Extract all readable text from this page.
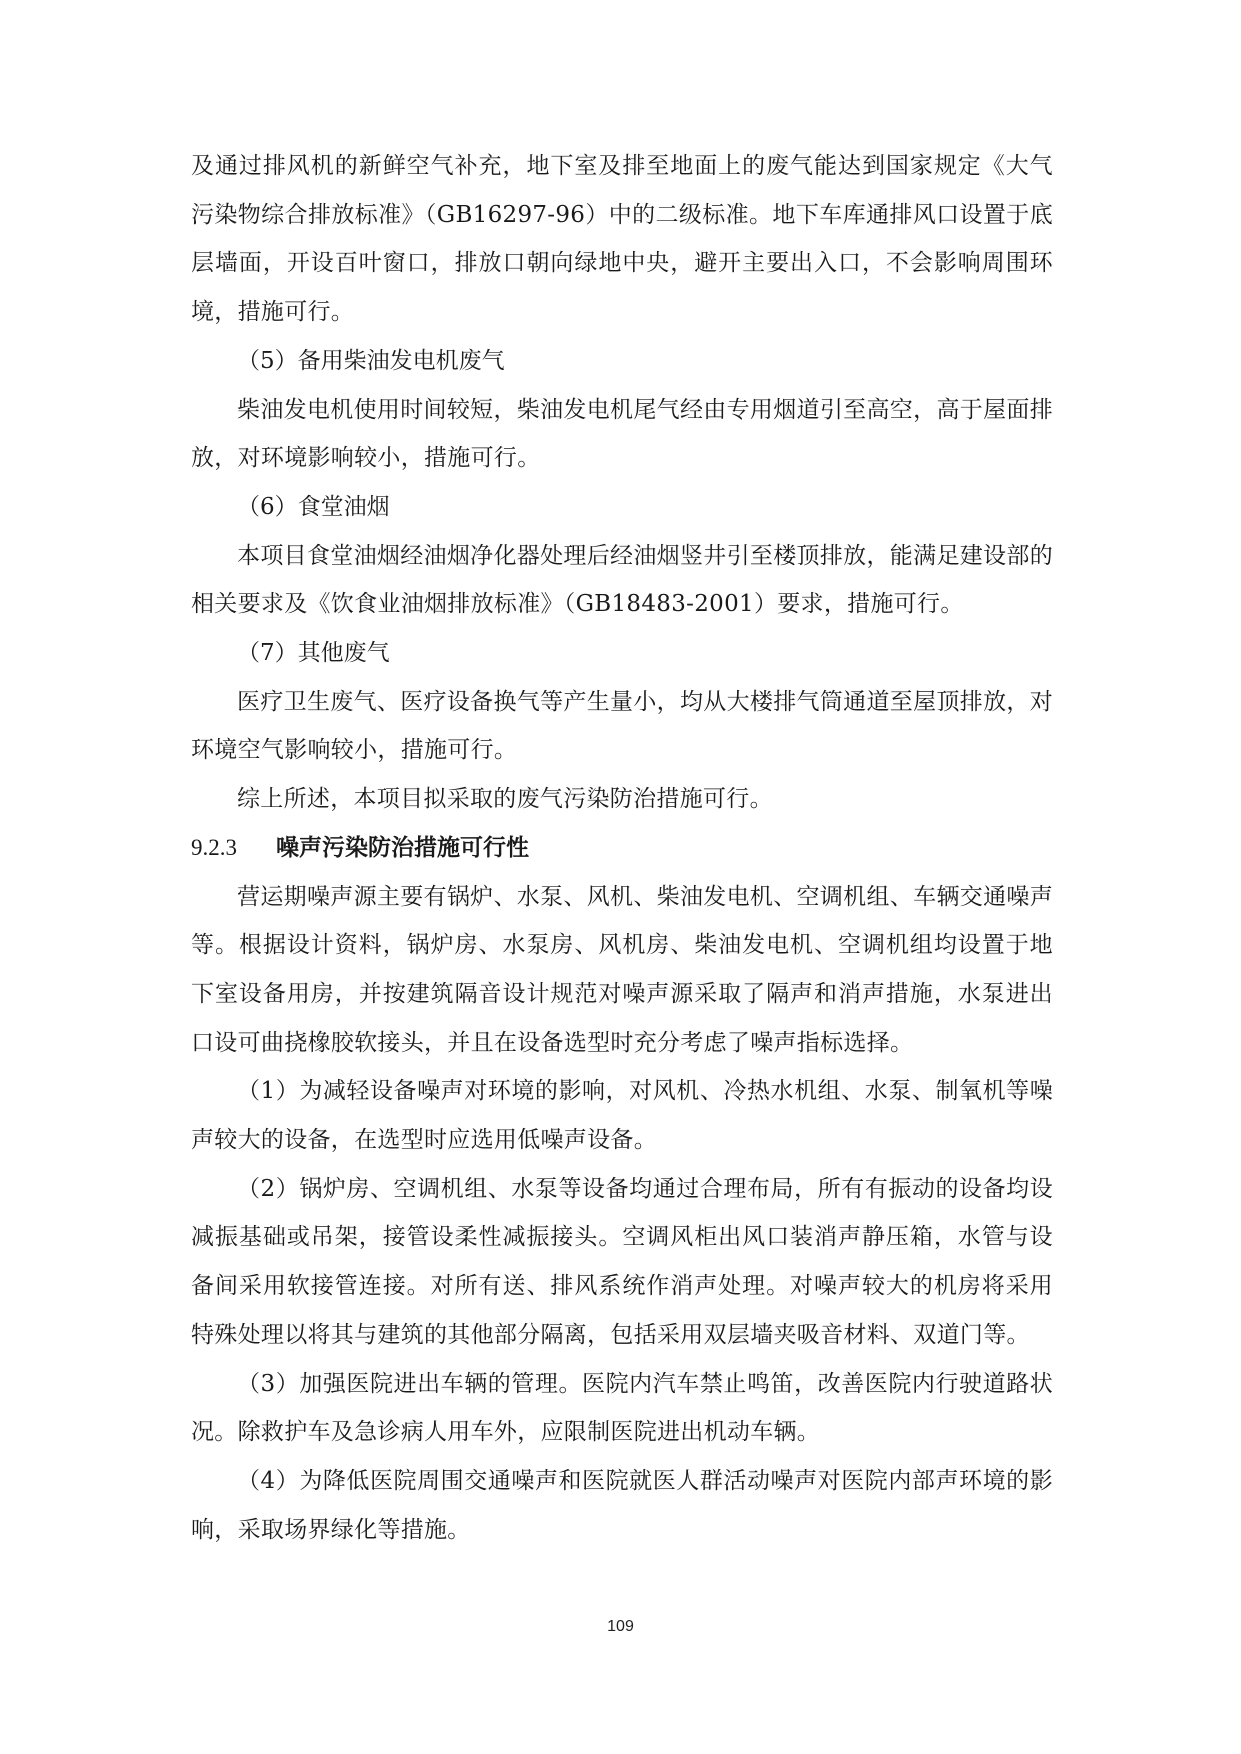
及通过排风机的新鲜空气补充，地下室及排至地面上的废气能达到国家规定《大气污染物综合排放标准》（GB16297-96）中的二级标准。地下车库通排风口设置于底层墙面，开设百叶窗口，排放口朝向绿地中央，避开主要出入口，不会影响周围环境，措施可行。

（5）备用柴油发电机废气

柴油发电机使用时间较短，柴油发电机尾气经由专用烟道引至高空，高于屋面排放，对环境影响较小，措施可行。

（6）食堂油烟

本项目食堂油烟经油烟净化器处理后经油烟竖井引至楼顶排放，能满足建设部的相关要求及《饮食业油烟排放标准》（GB18483-2001）要求，措施可行。

（7）其他废气

医疗卫生废气、医疗设备换气等产生量小，均从大楼排气筒通道至屋顶排放，对环境空气影响较小，措施可行。

综上所述，本项目拟采取的废气污染防治措施可行。

9.2.3 噪声污染防治措施可行性

营运期噪声源主要有锅炉、水泵、风机、柴油发电机、空调机组、车辆交通噪声等。根据设计资料，锅炉房、水泵房、风机房、柴油发电机、空调机组均设置于地下室设备用房，并按建筑隔音设计规范对噪声源采取了隔声和消声措施，水泵进出口设可曲挠橡胶软接头，并且在设备选型时充分考虑了噪声指标选择。

（1）为减轻设备噪声对环境的影响，对风机、冷热水机组、水泵、制氧机等噪声较大的设备，在选型时应选用低噪声设备。

（2）锅炉房、空调机组、水泵等设备均通过合理布局，所有有振动的设备均设减振基础或吊架，接管设柔性减振接头。空调风柜出风口装消声静压箱，水管与设备间采用软接管连接。对所有送、排风系统作消声处理。对噪声较大的机房将采用特殊处理以将其与建筑的其他部分隔离，包括采用双层墙夹吸音材料、双道门等。

（3）加强医院进出车辆的管理。医院内汽车禁止鸣笛，改善医院内行驶道路状况。除救护车及急诊病人用车外，应限制医院进出机动车辆。

（4）为降低医院周围交通噪声和医院就医人群活动噪声对医院内部声环境的影响，采取场界绿化等措施。

109
